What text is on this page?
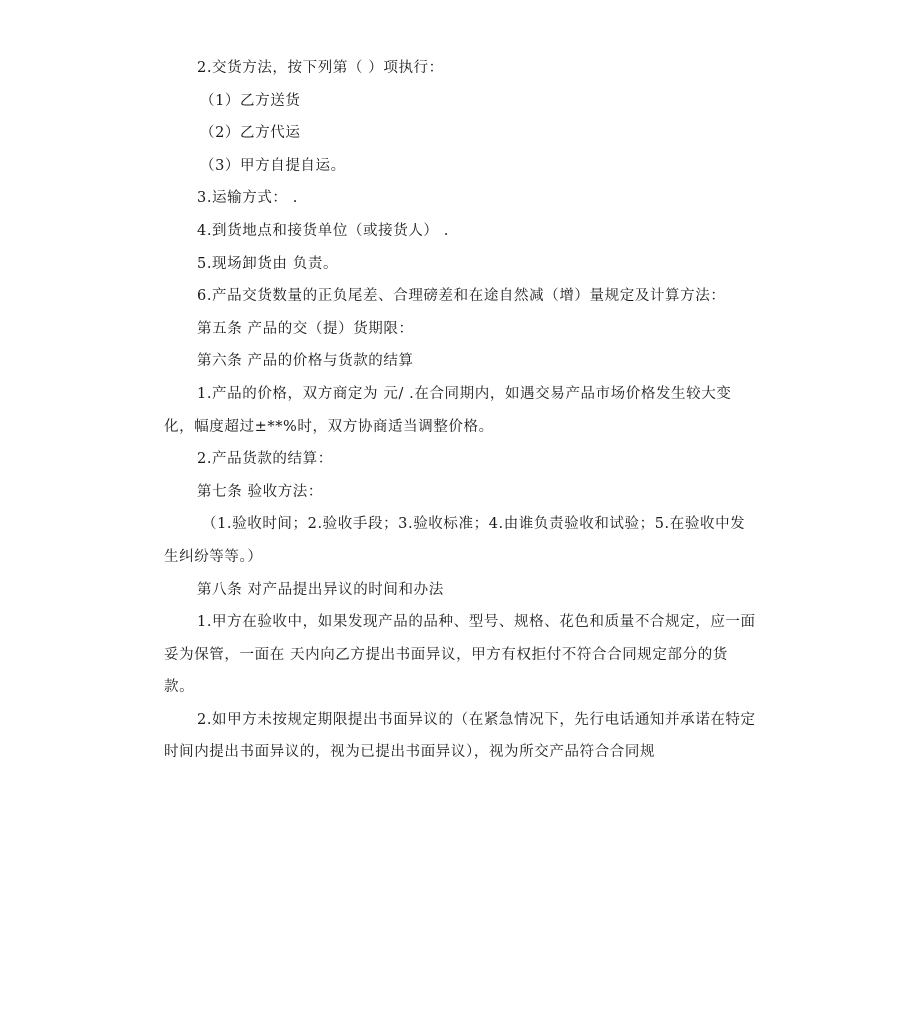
2.交货方法，按下列第（ ）项执行：

（1）乙方送货

（2）乙方代运

（3）甲方自提自运。

3.运输方式： .

4.到货地点和接货单位（或接货人） .

5.现场卸货由 负责。

6.产品交货数量的正负尾差、合理磅差和在途自然减（增）量规定及计算方法：

第五条 产品的交（提）货期限：

第六条 产品的价格与货款的结算

1.产品的价格，双方商定为 元/ .在合同期内，如遇交易产品市场价格发生较大变化，幅度超过±**%时，双方协商适当调整价格。

2.产品货款的结算：

第七条 验收方法：

（1.验收时间；2.验收手段；3.验收标准；4.由谁负责验收和试验；5.在验收中发生纠纷等等。）

第八条 对产品提出异议的时间和办法

1.甲方在验收中，如果发现产品的品种、型号、规格、花色和质量不合规定，应一面妥为保管，一面在 天内向乙方提出书面异议，甲方有权拒付不符合合同规定部分的货款。

2.如甲方未按规定期限提出书面异议的（在紧急情况下，先行电话通知并承诺在特定时间内提出书面异议的，视为已提出书面异议），视为所交产品符合合同规
